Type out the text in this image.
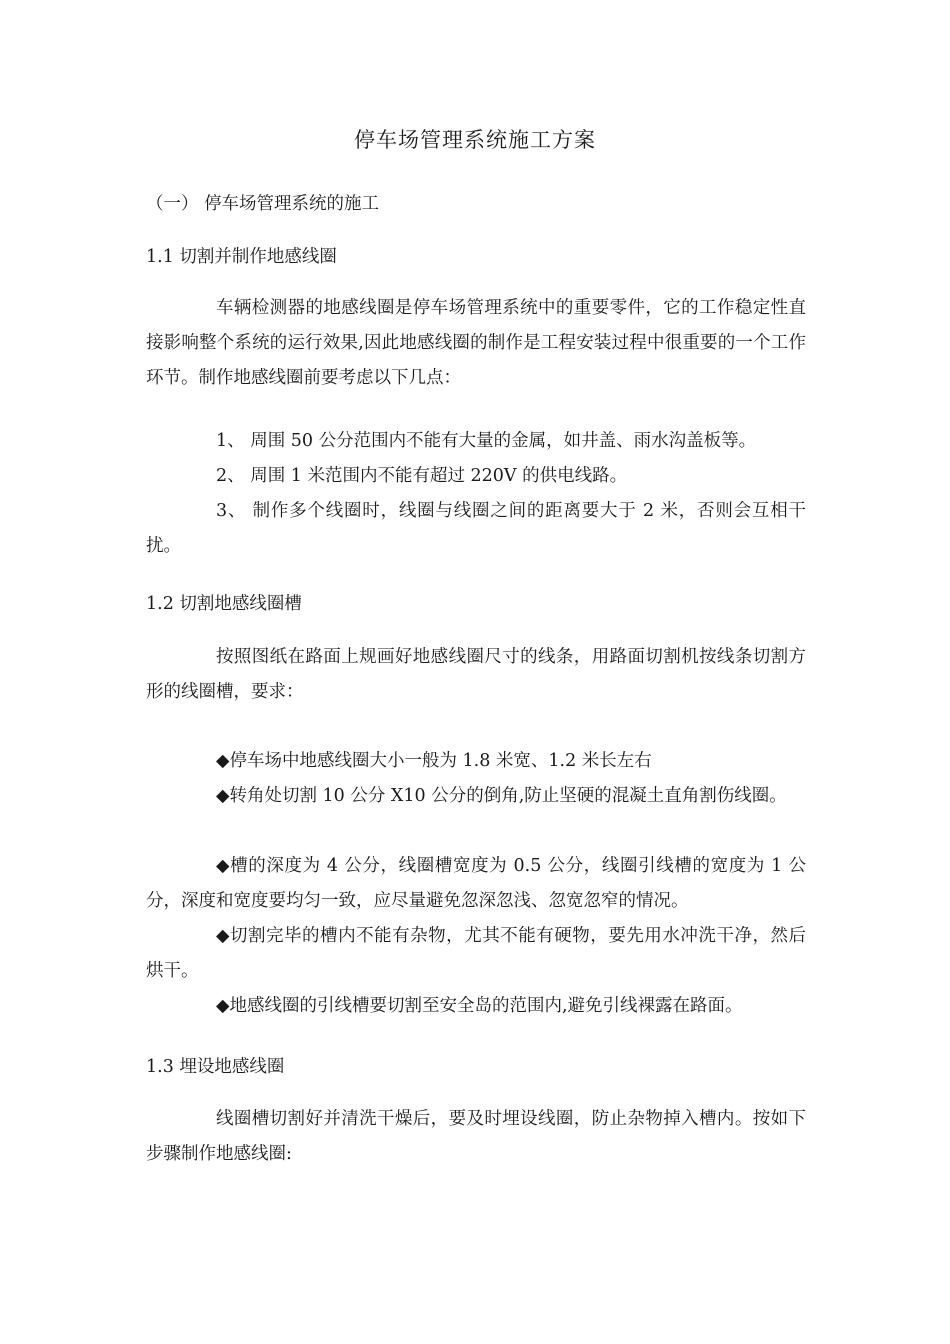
停车场管理系统施工方案
（一） 停车场管理系统的施工
1.1 切割并制作地感线圈
车辆检测器的地感线圈是停车场管理系统中的重要零件，它的工作稳定性直接影响整个系统的运行效果,因此地感线圈的制作是工程安装过程中很重要的一个工作环节。制作地感线圈前要考虑以下几点：
1、 周围 50 公分范围内不能有大量的金属，如井盖、雨水沟盖板等。
2、 周围 1 米范围内不能有超过 220V 的供电线路。
3、 制作多个线圈时，线圈与线圈之间的距离要大于 2 米，否则会互相干扰。
1.2 切割地感线圈槽
按照图纸在路面上规画好地感线圈尺寸的线条，用路面切割机按线条切割方形的线圈槽，要求：
◆停车场中地感线圈大小一般为 1.8 米宽、1.2 米长左右
◆转角处切割 10 公分 X10 公分的倒角,防止坚硬的混凝土直角割伤线圈。
◆槽的深度为 4 公分，线圈槽宽度为 0.5 公分，线圈引线槽的宽度为 1 公分，深度和宽度要均匀一致，应尽量避免忽深忽浅、忽宽忽窄的情况。
◆切割完毕的槽内不能有杂物，尤其不能有硬物，要先用水冲洗干净，然后烘干。
◆地感线圈的引线槽要切割至安全岛的范围内,避免引线裸露在路面。
1.3 埋设地感线圈
线圈槽切割好并清洗干燥后，要及时埋设线圈，防止杂物掉入槽内。按如下步骤制作地感线圈:
